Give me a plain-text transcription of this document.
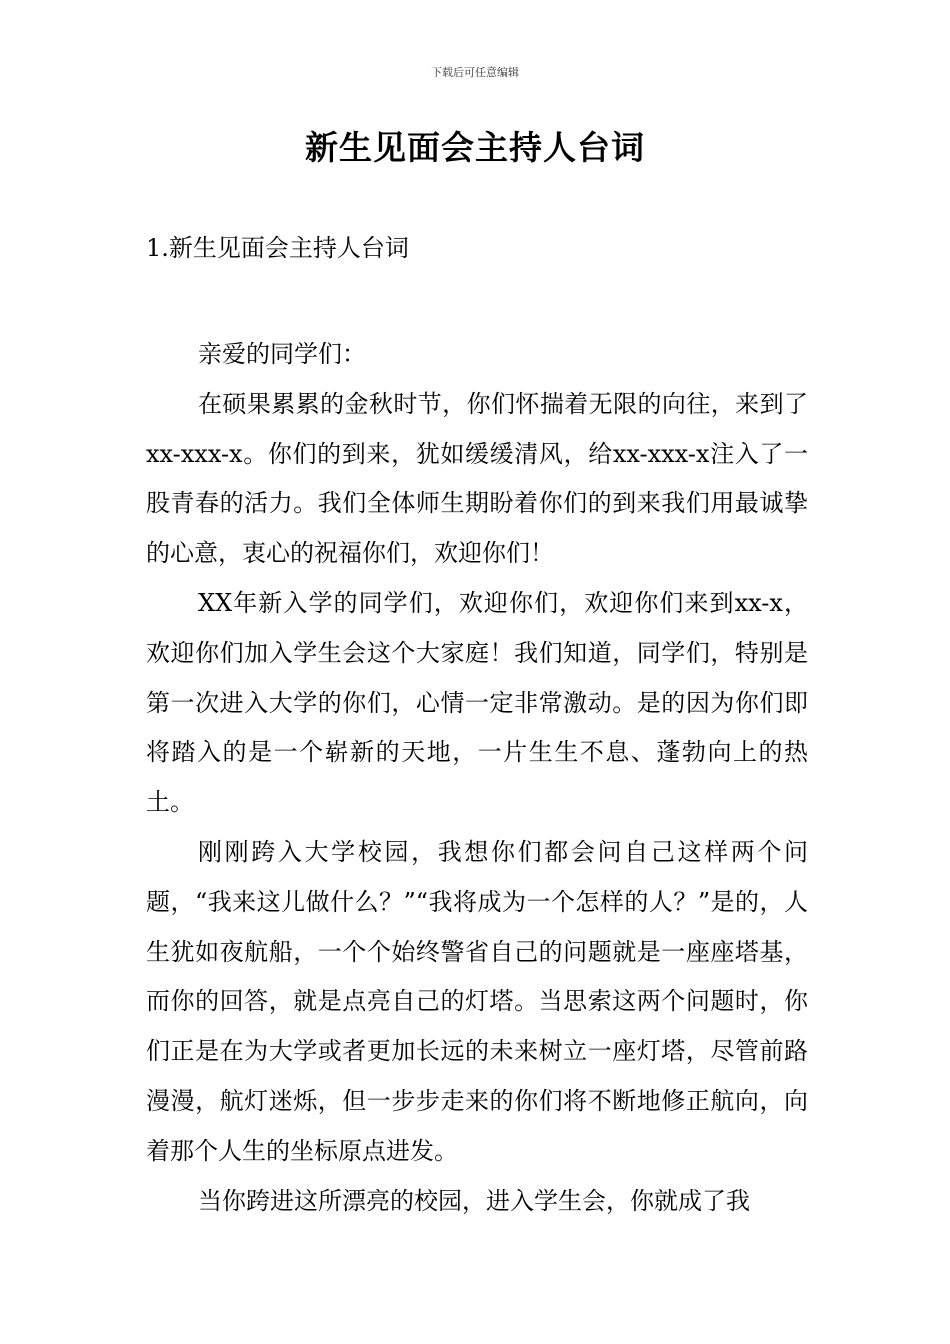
下载后可任意编辑
新生见面会主持人台词
1.新生见面会主持人台词

亲爱的同学们：

在硕果累累的金秋时节，你们怀揣着无限的向往，来到了xx-xxx-x。你们的到来，犹如缓缓清风，给xx-xxx-x注入了一股青春的活力。我们全体师生期盼着你们的到来我们用最诚挚的心意，衷心的祝福你们，欢迎你们！

XX年新入学的同学们，欢迎你们，欢迎你们来到xx-x，欢迎你们加入学生会这个大家庭！我们知道，同学们，特别是第一次进入大学的你们，心情一定非常激动。是的因为你们即将踏入的是一个崭新的天地，一片生生不息、蓬勃向上的热土。

刚刚跨入大学校园，我想你们都会问自己这样两个问题，“我来这儿做什么？”“我将成为一个怎样的人？”是的，人生犹如夜航船，一个个始终警省自己的问题就是一座座塔基，而你的回答，就是点亮自己的灯塔。当思索这两个问题时，你们正是在为大学或者更加长远的未来树立一座灯塔，尽管前路漫漫，航灯迷烁，但一步步走来的你们将不断地修正航向，向着那个人生的坐标原点进发。

当你跨进这所漂亮的校园，进入学生会，你就成了我
